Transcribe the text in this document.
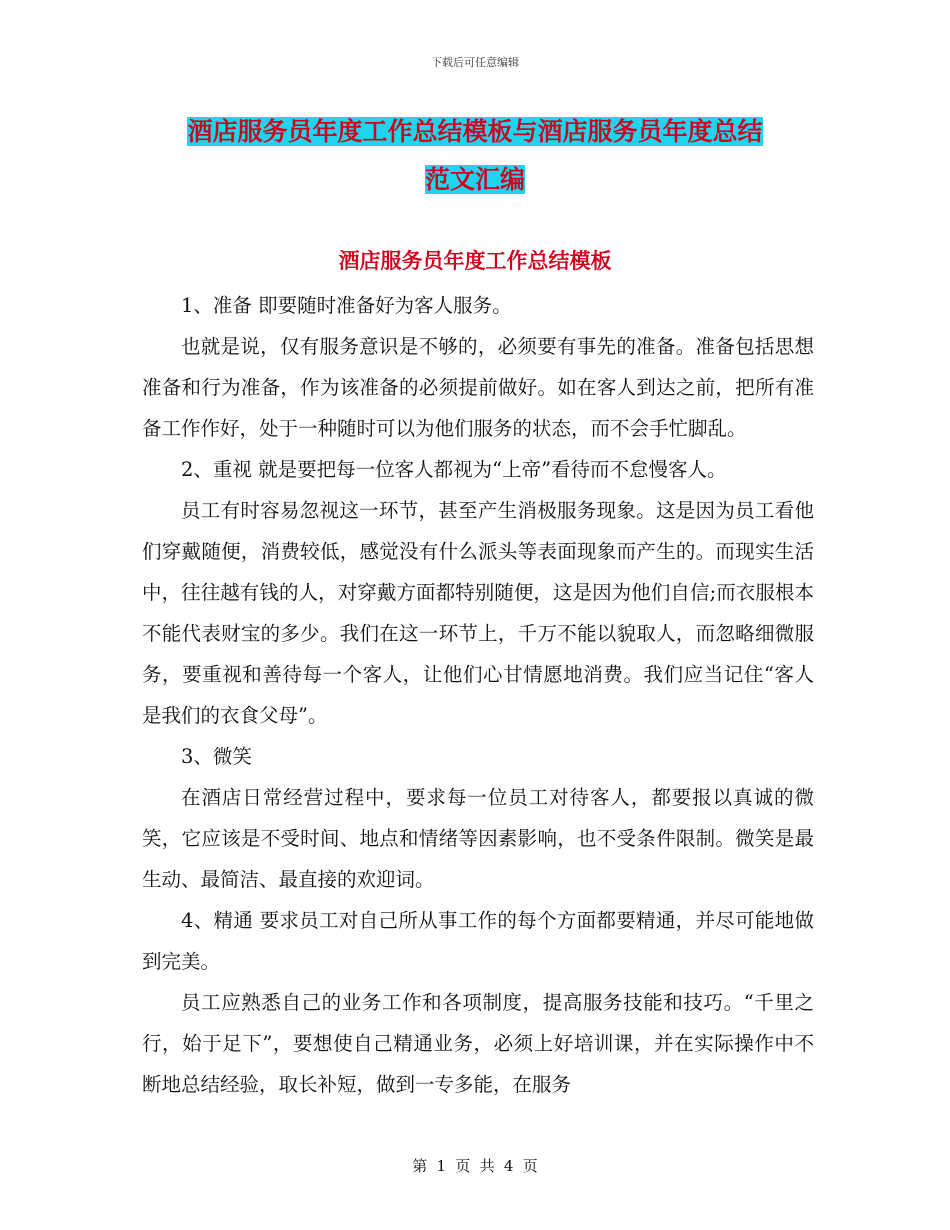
下载后可任意编辑
酒店服务员年度工作总结模板与酒店服务员年度总结
范文汇编
酒店服务员年度工作总结模板

1、准备 即要随时准备好为客人服务。

也就是说，仅有服务意识是不够的，必须要有事先的准备。准备包括思想准备和行为准备，作为该准备的必须提前做好。如在客人到达之前，把所有准备工作作好，处于一种随时可以为他们服务的状态，而不会手忙脚乱。

2、重视 就是要把每一位客人都视为“上帝”看待而不怠慢客人。

员工有时容易忽视这一环节，甚至产生消极服务现象。这是因为员工看他们穿戴随便，消费较低，感觉没有什么派头等表面现象而产生的。而现实生活中，往往越有钱的人，对穿戴方面都特别随便，这是因为他们自信;而衣服根本不能代表财宝的多少。我们在这一环节上，千万不能以貌取人，而忽略细微服务，要重视和善待每一个客人，让他们心甘情愿地消费。我们应当记住“客人是我们的衣食父母”。

3、微笑

在酒店日常经营过程中，要求每一位员工对待客人，都要报以真诚的微笑，它应该是不受时间、地点和情绪等因素影响，也不受条件限制。微笑是最生动、最简洁、最直接的欢迎词。

4、精通 要求员工对自己所从事工作的每个方面都要精通，并尽可能地做到完美。

员工应熟悉自己的业务工作和各项制度，提高服务技能和技巧。“千里之行，始于足下”，要想使自己精通业务，必须上好培训课，并在实际操作中不断地总结经验，取长补短，做到一专多能，在服务

第 1 页 共 4 页
